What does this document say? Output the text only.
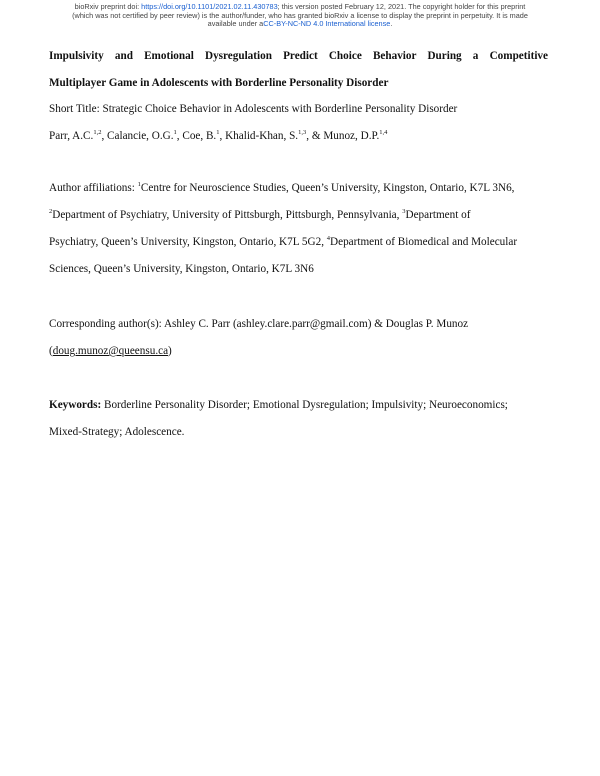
bioRxiv preprint doi: https://doi.org/10.1101/2021.02.11.430783; this version posted February 12, 2021. The copyright holder for this preprint
(which was not certified by peer review) is the author/funder, who has granted bioRxiv a license to display the preprint in perpetuity. It is made
available under aCC-BY-NC-ND 4.0 International license.
Impulsivity and Emotional Dysregulation Predict Choice Behavior During a Competitive
Multiplayer Game in Adolescents with Borderline Personality Disorder
Short Title: Strategic Choice Behavior in Adolescents with Borderline Personality Disorder
Parr, A.C.$^{1,2}$, Calancie, O.G.$^1$, Coe, B.$^1$, Khalid-Khan, S.$^{1,3}$, & Munoz, D.P.$^{1,4}$
Author affiliations: $^1$Centre for Neuroscience Studies, Queen’s University, Kingston, Ontario, K7L 3N6,
$^2$Department of Psychiatry, University of Pittsburgh, Pittsburgh, Pennsylvania, $^3$Department of
Psychiatry, Queen’s University, Kingston, Ontario, K7L 5G2, $^4$Department of Biomedical and Molecular
Sciences, Queen’s University, Kingston, Ontario, K7L 3N6
Corresponding author(s): Ashley C. Parr (ashley.clare.parr@gmail.com) & Douglas P. Munoz
(doug.munoz@queensu.ca)
Keywords: Borderline Personality Disorder; Emotional Dysregulation; Impulsivity; Neuroeconomics;
Mixed-Strategy; Adolescence.
